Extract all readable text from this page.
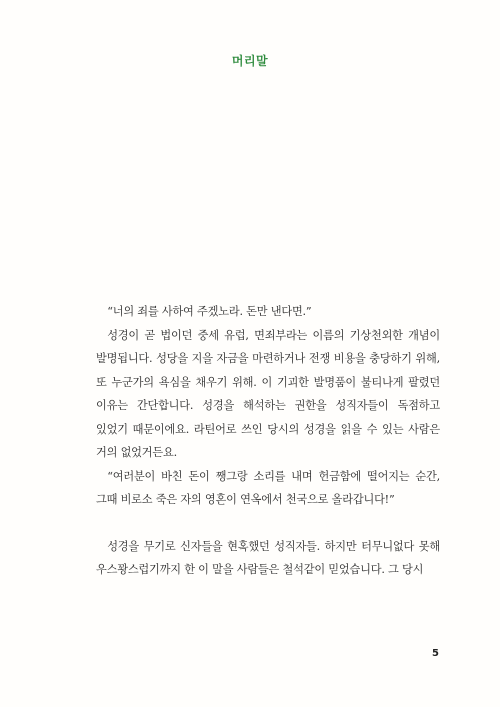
머리말

“너의 죄를 사하여 주겠노라. 돈만 낸다면.”

성경이 곧 법이던 중세 유럽, 면죄부라는 이름의 기상천외한 개념이 발명됩니다. 성당을 지을 자금을 마련하거나 전쟁 비용을 충당하기 위해, 또 누군가의 욕심을 채우기 위해. 이 기괴한 발명품이 불티나게 팔렸던 이유는 간단합니다. 성경을 해석하는 권한을 성직자들이 독점하고 있었기 때문이에요. 라틴어로 쓰인 당시의 성경을 읽을 수 있는 사람은 거의 없었거든요.

“여러분이 바친 돈이 쨍그랑 소리를 내며 헌금함에 떨어지는 순간, 그때 비로소 죽은 자의 영혼이 연옥에서 천국으로 올라갑니다!”

성경을 무기로 신자들을 현혹했던 성직자들. 하지만 터무니없다 못해 우스꽝스럽기까지 한 이 말을 사람들은 철석같이 믿었습니다. 그 당시

5
